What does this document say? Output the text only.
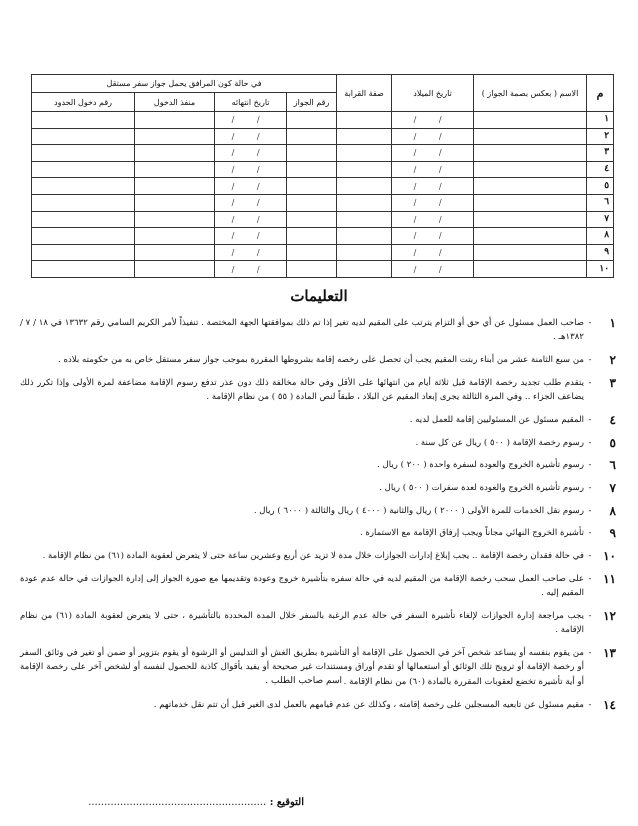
م	الاسم ( بعكس بصمة الجواز )	تاريخ الميلاد	صفة القرابة	في حالة كون المرافق يحمل جواز سفر مستقل			
				رقم الجواز	تاريخ انتهائه	منفذ الدخول	رقم دخول الحدود
١		/ /			/ /		
٢		/ /			/ /		
٣		/ /			/ /		
٤		/ /			/ /		
٥		/ /			/ /		
٦		/ /			/ /		
٧		/ /			/ /		
٨		/ /			/ /		
٩		/ /			/ /		
١٠		/ /			/ /		
التعليمات
١
-
صاحب العمل مسئول عن أي حق أو التزام يترتب على المقيم لديه تغير إذا تم ذلك بموافقتها الجهة المختصة . تنفيذاً لأمر الكريم السامي رقم ١٣٦٣٢ في ١٨ / ٧ / ١٣٨٢هـ .
٢
-
من سبع الثامنة عشر من أبناء ربتت المقيم يجب أن تحصل على رخصه إقامة بشروطها المقررة بموجب جواز سفر مستقل خاص به من حكومته بلاده .
٣
-
يتقدم طلب تجديد رخصة الإقامة قبل ثلاثة أيام من انتهائها على الأقل وفي حالة مخالفة ذلك دون عذر تدفع رسوم الإقامة مضاعفة لمرة الأولى وإذا تكرر ذلك يضاعف الجزاء .. وفي المرة الثالثة يجرى إبعاد المقيم عن البلاد ، طبقاً لنص المادة ( ٥٥ ) من نظام الإقامة .
٤
-
المقيم مسئول عن المسئوليين إقامة للعمل لديه .
٥
-
رسوم رخصة الإقامة ( ٥٠٠ ) ريال عن كل سنة .
٦
-
رسوم تأشيرة الخروج والعودة لسفرة واحدة ( ٢٠٠ ) ريال .
٧
-
رسوم تأشيرة الخروج والعودة لعدة سفرات ( ٥٠٠ ) ريال .
٨
-
رسوم نقل الخدمات للمرة الأولى ( ٢٠٠٠ ) ريال والثانية ( ٤٠٠٠ ) ريال والثالثة ( ٦٠٠٠ ) ريال .
٩
-
تأشيرة الخروج النهائي مجاناً ويجب إرفاق الإقامة مع الاستمارة .
١٠
-
في حالة فقدان رخصة الإقامة .. يجب إبلاغ إدارات الجوازات خلال مدة لا تزيد عن أربع وعشرين ساعة حتى لا يتعرض لعقوبة المادة (٦١) من نظام الإقامة .
١١
-
على صاحب العمل سحب رخصة الإقامة من المقيم لديه في حالة سفره بتأشيرة خروج وعودة وتقديمها مع صورة الجواز إلى إدارة الجوازات في حالة عدم عودة المقيم إليه .
١٢
-
يجب مراجعة إدارة الجوازات لإلغاء تأشيرة السفر في حالة عدم الرغبة بالسفر خلال المدة المحددة بالتأشيرة ، حتى لا يتعرض لعقوبة المادة (٦١) من نظام الإقامة .
١٣
-
من يقوم بنفسه أو يساعد شخص آخر في الحصول على الإقامة أو التأشيرة بطريق الغش أو التدليس أو الرشوة أو يقوم بتزوير أو ضمن أو تغير في وثائق السفر أو رخصة الإقامة أو ترويج تلك الوثائق أو استعمالها أو تقدم أوراق ومستندات غير صحيحة أو يفيد بأقوال كاذبة للحصول لنفسه أو لشخص آخر على رخصة الإقامة أو أية تأشيرة تخضع لعقوبات المقررة بالمادة (٦٠) من نظام الإقامة .
١٤
-
مقيم مسئول عن تابعيه المسجلين على رخصة إقامته ، وكذلك عن عدم قيامهم بالعمل لدى الغير قبل أن تتم نقل خدماتهم .
اسم صاحب الطلب .
التوقيع : ........................................................
